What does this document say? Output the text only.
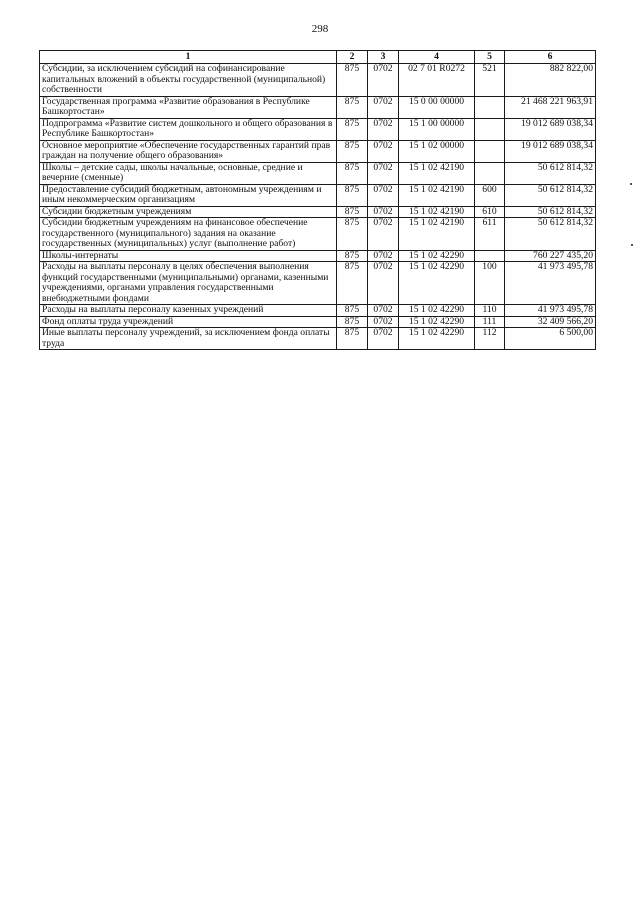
298
1	2	3	4	5	6
Субсидии, за исключением субсидий на софинансирование капитальных вложений в объекты государственной (муниципальной) собственности	875	0702	02 7 01 R0272	521	882 822,00
Государственная программа «Развитие образования в Республике Башкортостан»	875	0702	15 0 00 00000		21 468 221 963,91
Подпрограмма «Развитие систем дошкольного и общего образования в Республике Башкортостан»	875	0702	15 1 00 00000		19 012 689 038,34
Основное мероприятие «Обеспечение государственных гарантий прав граждан на получение общего образования»	875	0702	15 1 02 00000		19 012 689 038,34
Школы – детские сады, школы начальные, основные, средние и вечерние (сменные)	875	0702	15 1 02 42190		50 612 814,32
Предоставление субсидий бюджетным, автономным учреждениям и иным некоммерческим организациям	875	0702	15 1 02 42190	600	50 612 814,32
Субсидии бюджетным учреждениям	875	0702	15 1 02 42190	610	50 612 814,32
Субсидии бюджетным учреждениям на финансовое обеспечение государственного (муниципального) задания на оказание государственных (муниципальных) услуг (выполнение работ)	875	0702	15 1 02 42190	611	50 612 814,32
Школы-интернаты	875	0702	15 1 02 42290		760 227 435,20
Расходы на выплаты персоналу в целях обеспечения выполнения функций государственными (муниципальными) органами, казенными учреждениями, органами управления государственными внебюджетными фондами	875	0702	15 1 02 42290	100	41 973 495,78
Расходы на выплаты персоналу казенных учреждений	875	0702	15 1 02 42290	110	41 973 495,78
Фонд оплаты труда учреждений	875	0702	15 1 02 42290	111	32 409 566,20
Иные выплаты персоналу учреждений, за исключением фонда оплаты труда	875	0702	15 1 02 42290	112	6 500,00
